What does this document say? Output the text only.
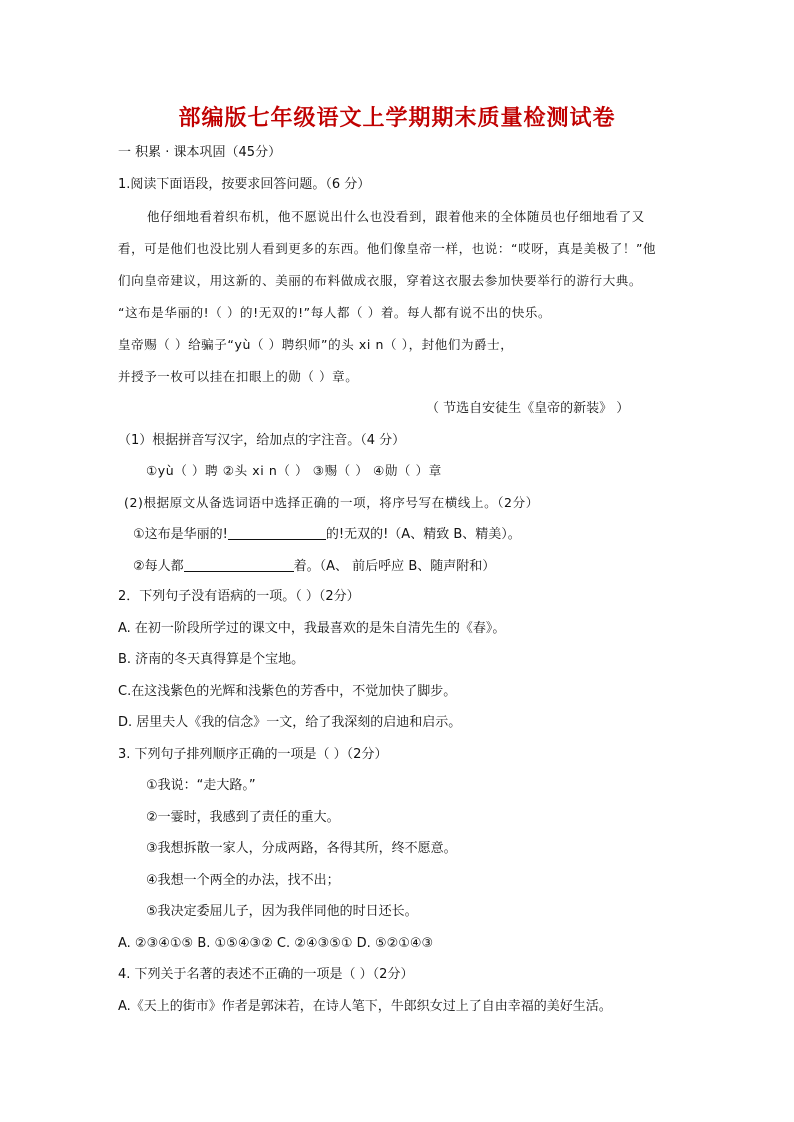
部编版七年级语文上学期期末质量检测试卷
一 积累 · 课本巩固（45分）
1.阅读下面语段，按要求回答问题。（6 分）
他仔细地看着织布机，他不愿说出什么也没看到，跟着他来的全体随员也仔细地看了又
看，可是他们也没比别人看到更多的东西。他们像皇帝一样，也说：“哎呀，真是美极了！”他
们向皇帝建议，用这新的、美丽的布料做成衣服，穿着这衣服去参加快要举行的游行大典。
“这布是华丽的!（ ）的!无双的!”每人都（ ）着。每人都有说不出的快乐。
皇帝赐（ ）给骗子“yù（ ）聘织师”的头 xi n（ ），封他们为爵士，
并授予一枚可以挂在扣眼上的勋（ ）章。
（ 节选自安徒生《皇帝的新装》 ）
（1）根据拼音写汉字，给加点的字注音。（4 分）
①yù（ ）聘 ②头 xi n（ ） ③赐（ ） ④勋（ ）章
(2)根据原文从备选词语中选择正确的一项，将序号写在横线上。（2分）
①这布是华丽的!	的!无双的!（A、精致 B、精美）。
②每人都	着。（A、 前后呼应 B、随声附和）
2．下列句子没有语病的一项。（ ）（2分）
A. 在初一阶段所学过的课文中，我最喜欢的是朱自清先生的《春》。
B. 济南的冬天真得算是个宝地。
C.在这浅紫色的光辉和浅紫色的芳香中，不觉加快了脚步。
D. 居里夫人《我的信念》一文，给了我深刻的启迪和启示。
3. 下列句子排列顺序正确的一项是（ ）（2分）
①我说：“走大路。”
②一霎时，我感到了责任的重大。
③我想拆散一家人，分成两路，各得其所，终不愿意。
④我想一个两全的办法，找不出；
⑤我决定委屈儿子，因为我伴同他的时日还长。
A. ②③④①⑤ B. ①⑤④③② C. ②④③⑤① D. ⑤②①④③
4. 下列关于名著的表述不正确的一项是（ ）（2分）
A.《天上的街市》作者是郭沫若，在诗人笔下，牛郎织女过上了自由幸福的美好生活。
